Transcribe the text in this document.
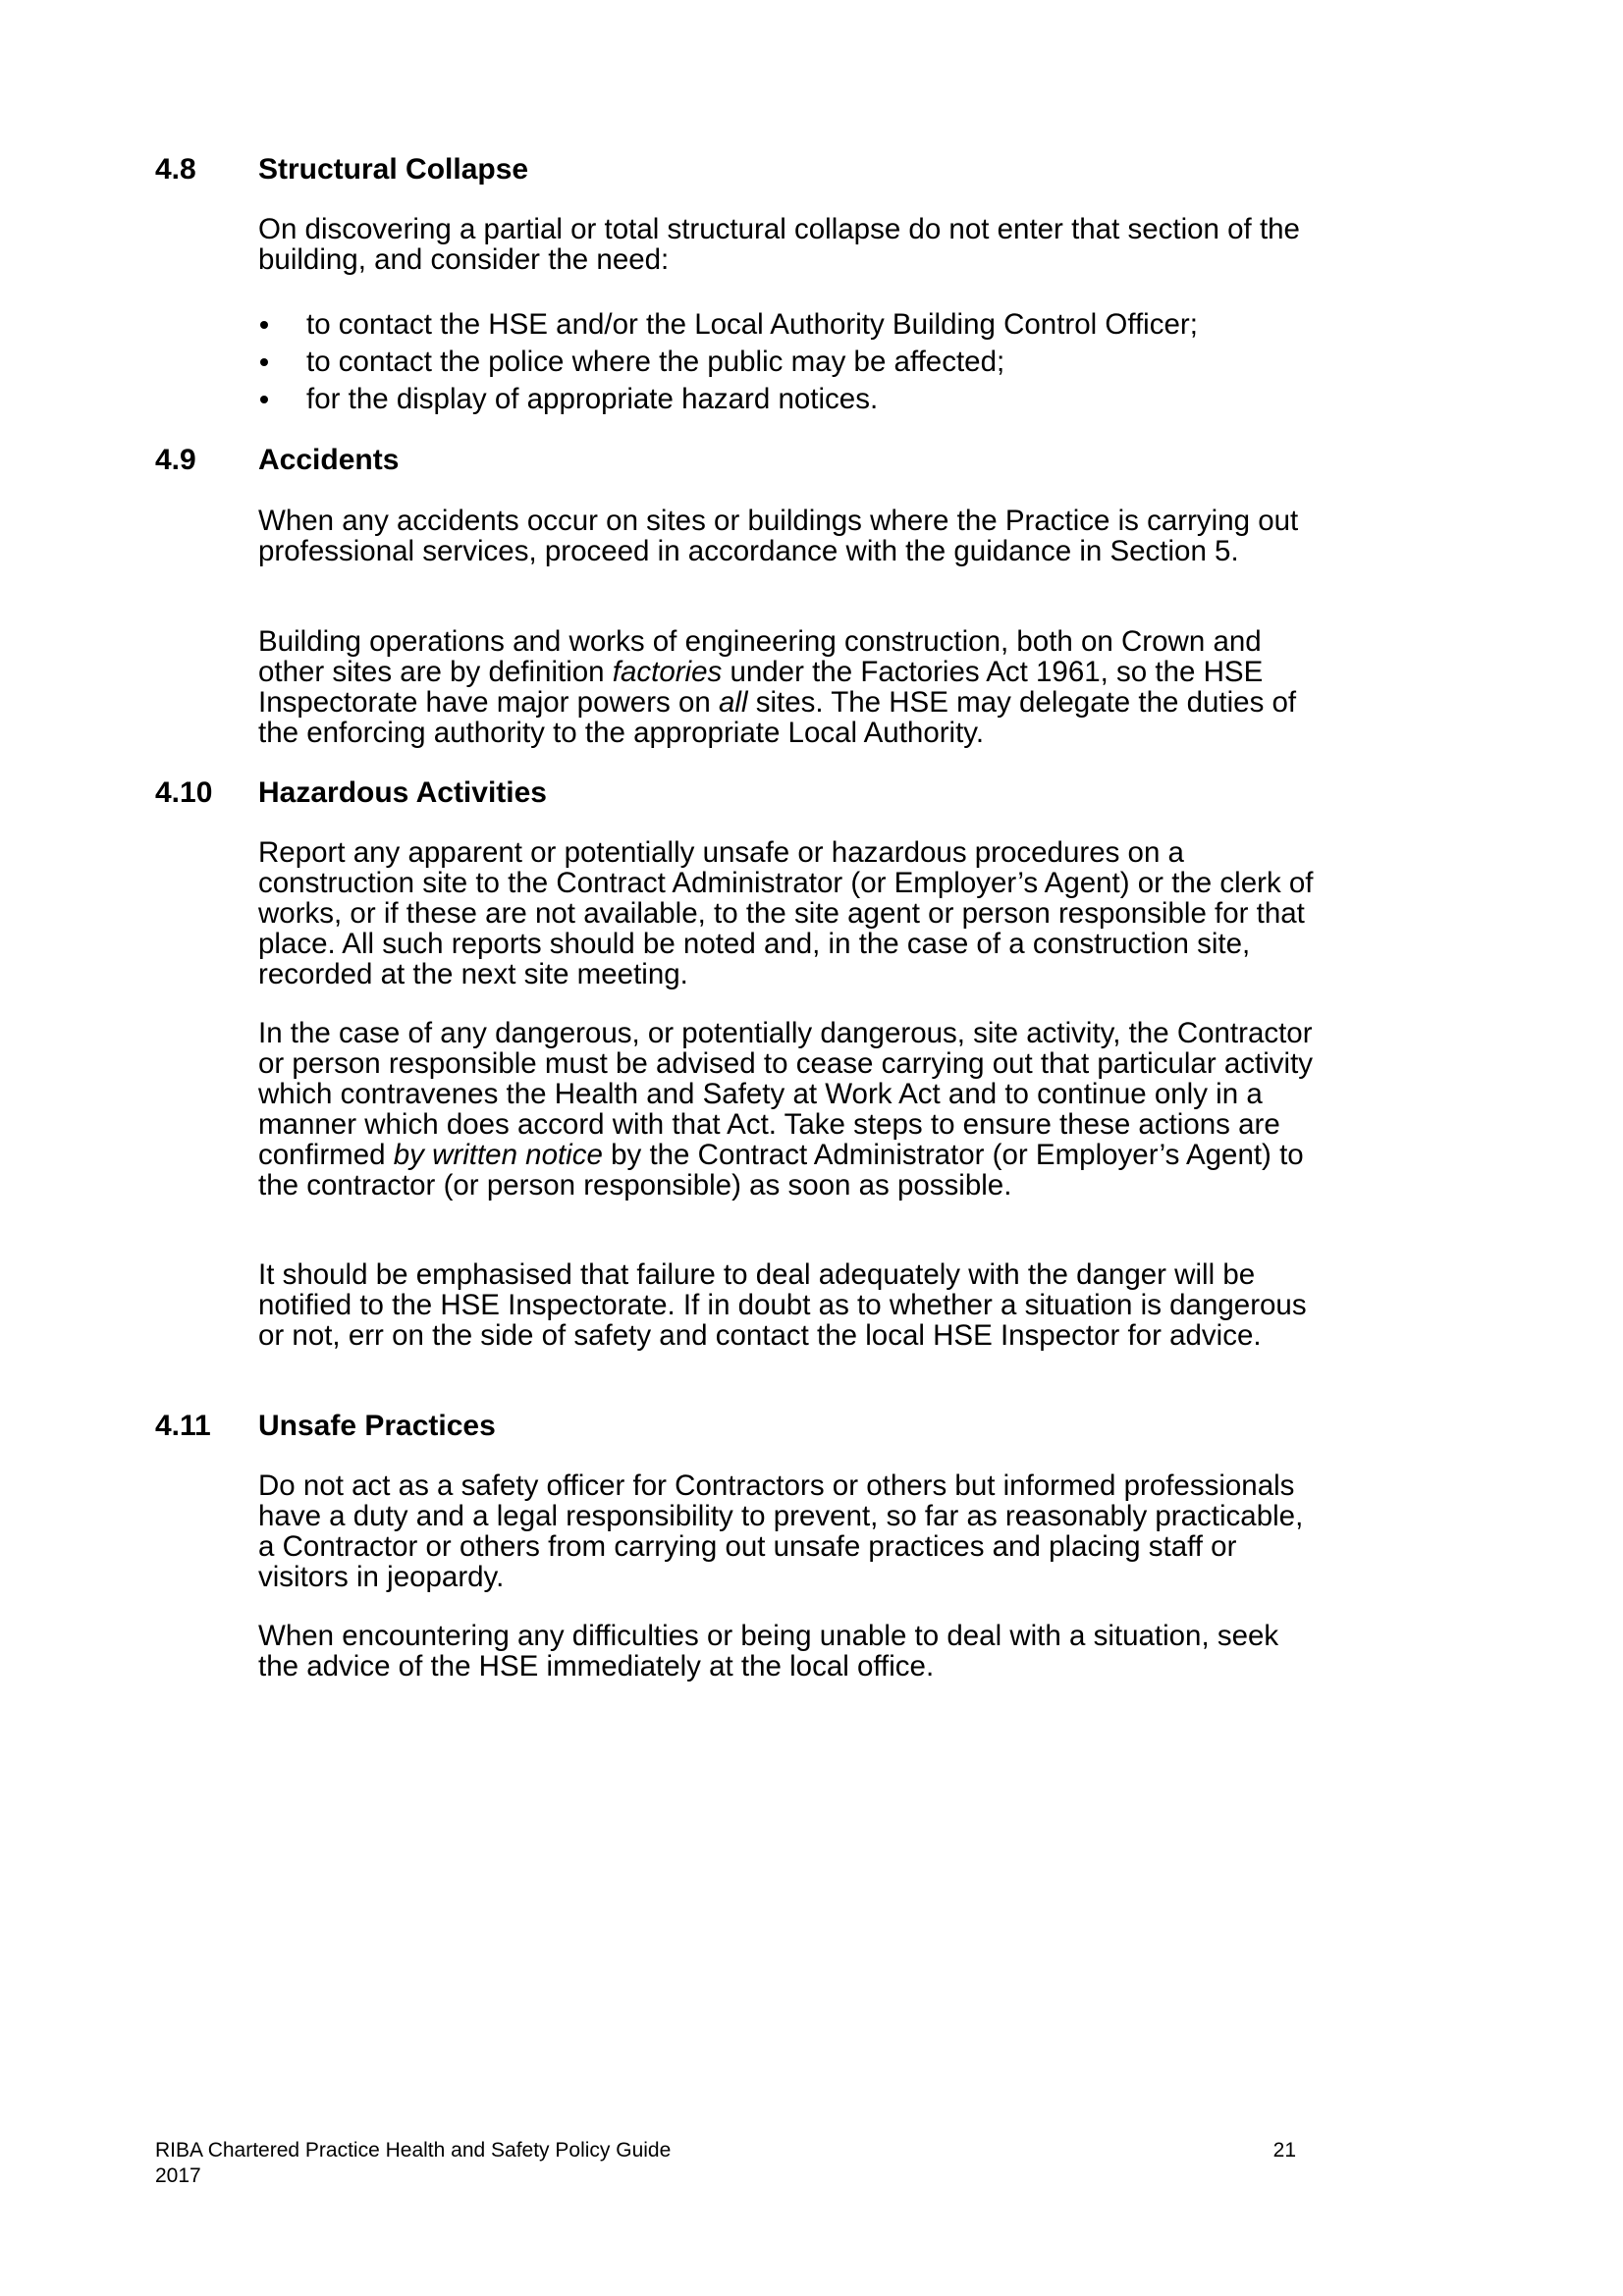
4.8 Structural Collapse

On discovering a partial or total structural collapse do not enter that section of the building, and consider the need:

to contact the HSE and/or the Local Authority Building Control Officer;
to contact the police where the public may be affected;
for the display of appropriate hazard notices.
4.9 Accidents

When any accidents occur on sites or buildings where the Practice is carrying out professional services, proceed in accordance with the guidance in Section 5.

Building operations and works of engineering construction, both on Crown and other sites are by definition factories under the Factories Act 1961, so the HSE Inspectorate have major powers on all sites. The HSE may delegate the duties of the enforcing authority to the appropriate Local Authority.

4.10 Hazardous Activities

Report any apparent or potentially unsafe or hazardous procedures on a construction site to the Contract Administrator (or Employer’s Agent) or the clerk of works, or if these are not available, to the site agent or person responsible for that place. All such reports should be noted and, in the case of a construction site, recorded at the next site meeting.

In the case of any dangerous, or potentially dangerous, site activity, the Contractor or person responsible must be advised to cease carrying out that particular activity which contravenes the Health and Safety at Work Act and to continue only in a manner which does accord with that Act. Take steps to ensure these actions are confirmed by written notice by the Contract Administrator (or Employer’s Agent) to the contractor (or person responsible) as soon as possible.

It should be emphasised that failure to deal adequately with the danger will be notified to the HSE Inspectorate. If in doubt as to whether a situation is dangerous or not, err on the side of safety and contact the local HSE Inspector for advice.

4.11 Unsafe Practices

Do not act as a safety officer for Contractors or others but informed professionals have a duty and a legal responsibility to prevent, so far as reasonably practicable, a Contractor or others from carrying out unsafe practices and placing staff or visitors in jeopardy.

When encountering any difficulties or being unable to deal with a situation, seek the advice of the HSE immediately at the local office.

RIBA Chartered Practice Health and Safety Policy Guide
2017
21
